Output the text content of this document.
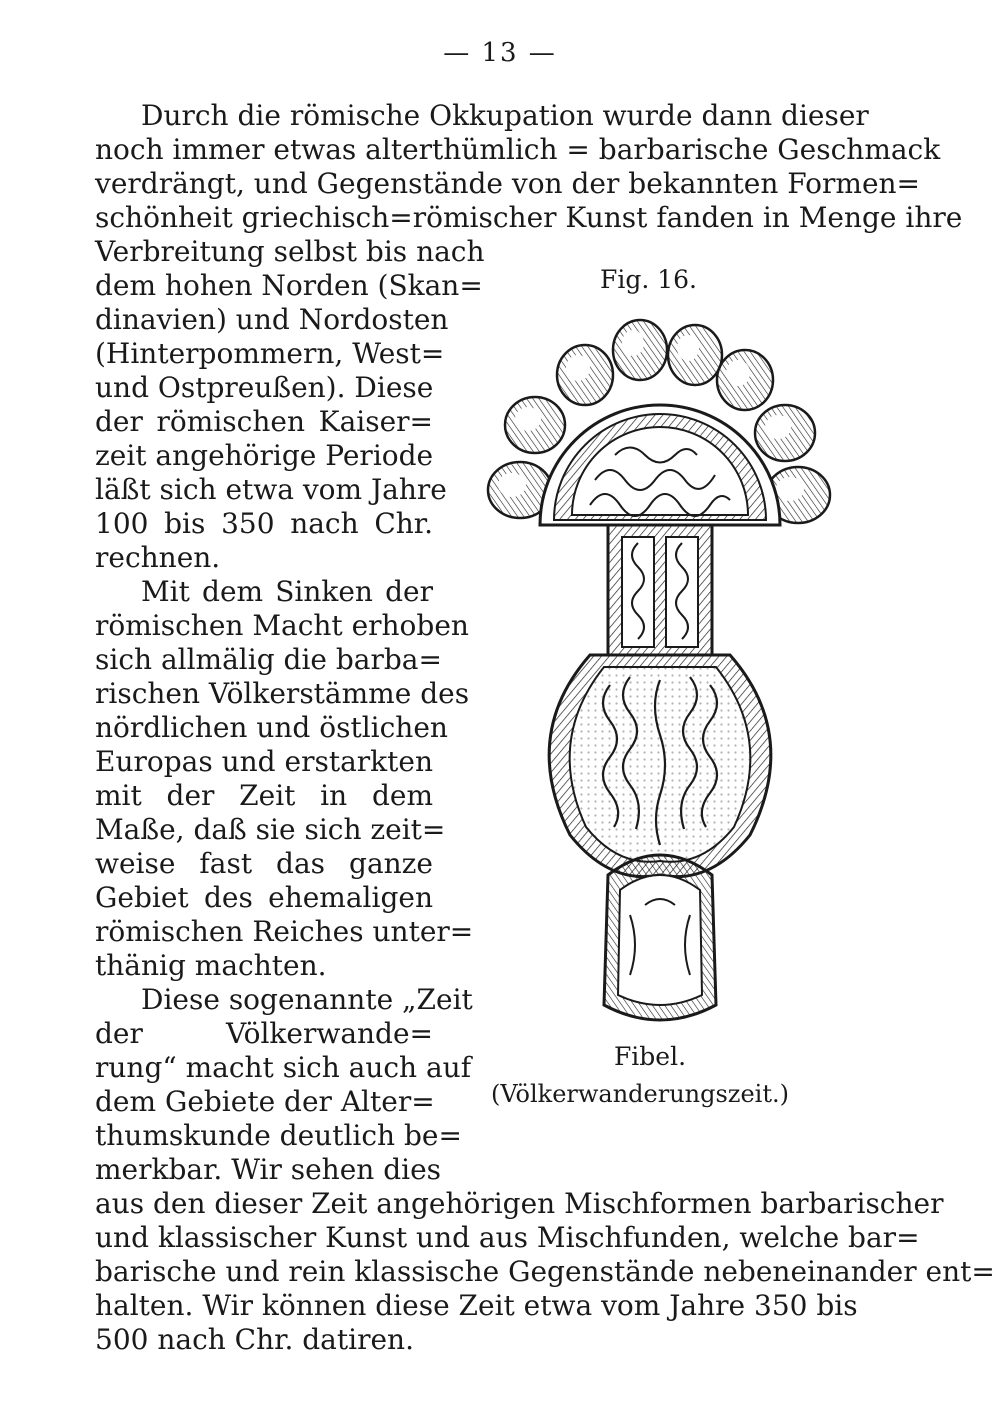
— 13 —
Durch die römische Okkupation wurde dann dieser
noch immer etwas alterthümlich = barbarische Geschmack
verdrängt, und Gegenstände von der bekannten Formen=
schönheit griechisch=römischer Kunst fanden in Menge ihre
Verbreitung selbst bis nach
dem hohen Norden (Skan=
dinavien) und Nordosten
(Hinterpommern, West=
und Ostpreußen). Diese
der römischen Kaiser=
zeit angehörige Periode
läßt sich etwa vom Jahre
100 bis 350 nach Chr.
rechnen.
Mit dem Sinken der
römischen Macht erhoben
sich allmälig die barba=
rischen Völkerstämme des
nördlichen und östlichen
Europas und erstarkten
mit der Zeit in dem
Maße, daß sie sich zeit=
weise fast das ganze
Gebiet des ehemaligen
römischen Reiches unter=
thänig machten.
Diese sogenannte „Zeit
der Völkerwande=
rung“ macht sich auch auf
dem Gebiete der Alter=
thumskunde deutlich be=
merkbar. Wir sehen dies
aus den dieser Zeit angehörigen Mischformen barbarischer
und klassischer Kunst und aus Mischfunden, welche bar=
barische und rein klassische Gegenstände nebeneinander ent=
halten. Wir können diese Zeit etwa vom Jahre 350 bis
500 nach Chr. datiren.
Fig. 16.
Fibel.
(Völkerwanderungszeit.)
